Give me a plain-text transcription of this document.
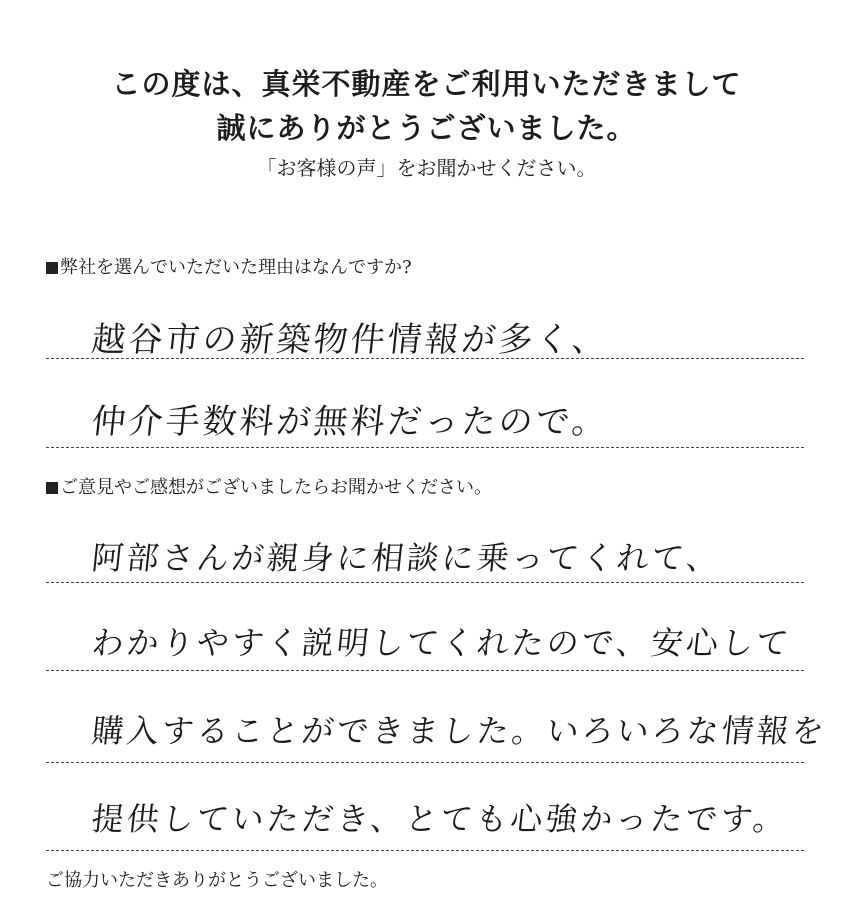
この度は、真栄不動産をご利用いただきまして
誠にありがとうございました。
「お客様の声」をお聞かせください。
弊社を選んでいただいた理由はなんですか?
越谷市の新築物件情報が多く、
仲介手数料が無料だったので。
ご意見やご感想がございましたらお聞かせください。
阿部さんが親身に相談に乗ってくれて、
わかりやすく説明してくれたので、安心して
購入することができました。いろいろな情報を
提供していただき、とても心強かったです。
ご協力いただきありがとうございました。
